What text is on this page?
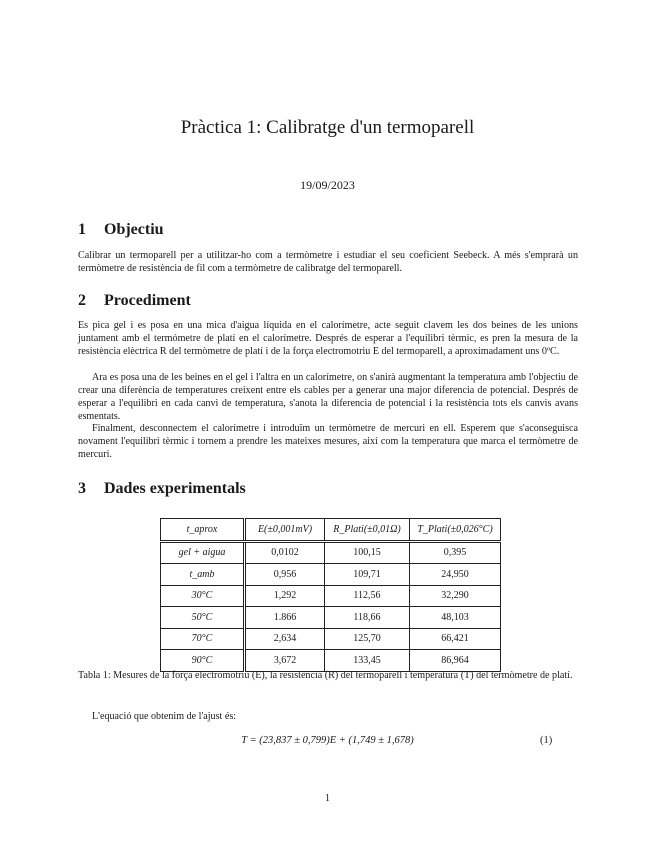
Pràctica 1: Calibratge d'un termoparell
19/09/2023
1 Objectiu
Calibrar un termoparell per a utilitzar-ho com a termòmetre i estudiar el seu coeficient Seebeck. A més s'emprarà un termòmetre de resistència de fil com a termòmetre de calibratge del termoparell.
2 Procediment
Es pica gel i es posa en una mica d'aigua líquida en el calorímetre, acte seguit clavem les dos beines de les unions juntament amb el termómetre de platí en el calorímetre. Després de esperar a l'equilibri tèrmic, es pren la mesura de la resistència elèctrica R del termòmetre de platí i de la força electromotriu E del termoparell, a aproximadament uns 0ºC.
Ara es posa una de les beines en el gel i l'altra en un calorímetre, on s'anirà augmentant la temperatura amb l'objectiu de crear una diferència de temperatures creixent entre els cables per a generar una major diferencia de potencial. Després de esperar a l'equilibri en cada canvi de temperatura, s'anota la diferencia de potencial i la resistència tots els canvis avans esmentats.
Finalment, desconnectem el calorímetre i introduïm un termòmetre de mercuri en ell. Esperem que s'aconseguisca novament l'equilibri tèrmic i tornem a prendre les mateixes mesures, així com la temperatura que marca el termòmetre de mercuri.
3 Dades experimentals
t_aprox	E(±0,001mV)	R_Plati(±0,01Ω)	T_Plati(±0,026°C)
gel + aigua	0,0102	100,15	0,395
t_amb	0,956	109,71	24,950
30°C	1,292	112,56	32,290
50°C	1.866	118,66	48,103
70°C	2,634	125,70	66,421
90°C	3,672	133,45	86,964
Tabla 1: Mesures de la força electromotriu (E), la resistència (R) del termoparell i temperatura (T) del termòmetre de platí.
L'equació que obtenim de l'ajust és:
T = (23,837 ± 0,799)E + (1,749 ± 1,678)	(1)
1
